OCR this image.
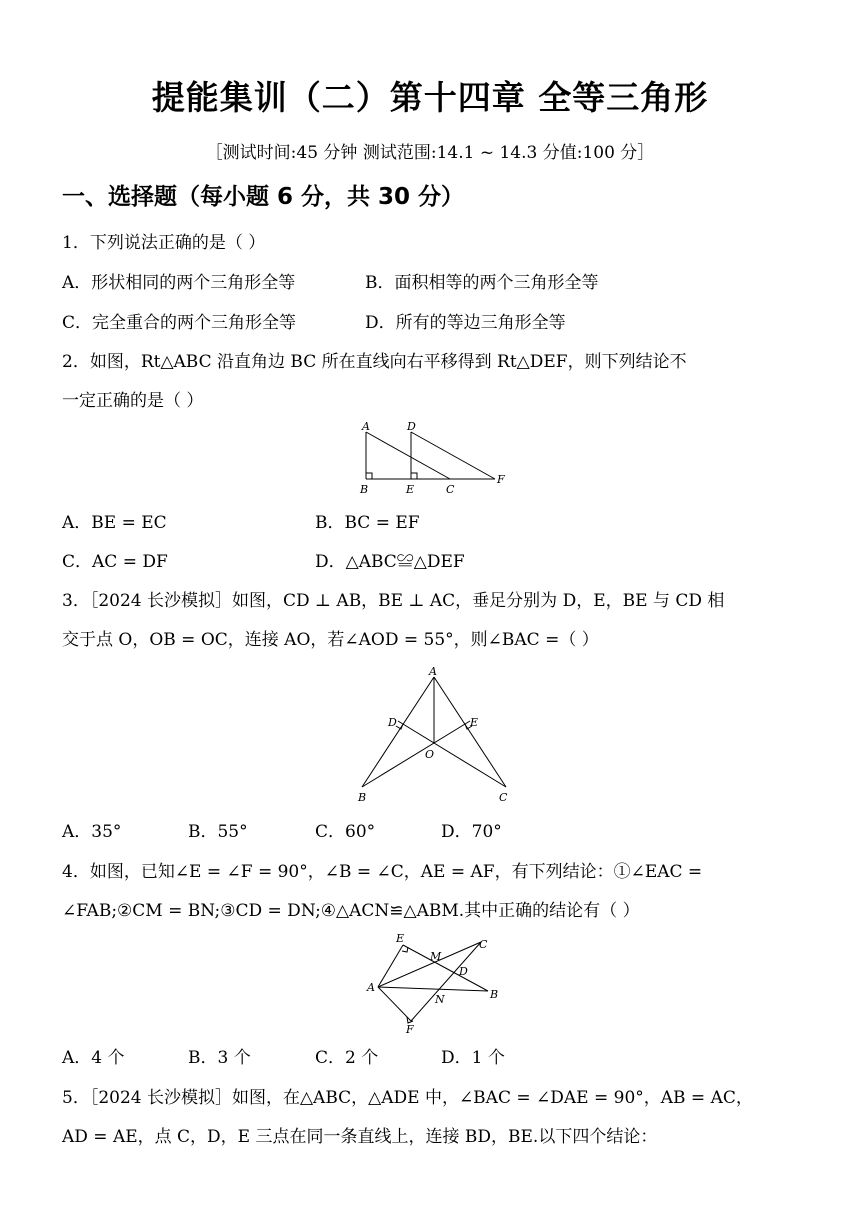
提能集训（二）第十四章 全等三角形
［测试时间:45 分钟 测试范围:14.1 ~ 14.3 分值:100 分］
一、选择题（每小题 6 分，共 30 分）
1．下列说法正确的是（ ）
A．形状相同的两个三角形全等	B．面积相等的两个三角形全等
C．完全重合的两个三角形全等	D．所有的等边三角形全等
2．如图，Rt△ABC 沿直角边 BC 所在直线向右平移得到 Rt△DEF，则下列结论不
一定正确的是（ ）
A	D
B	E	C
F
A．BE = EC	B．BC = EF
C．AC = DF	D．△ABC≌△DEF
3．［2024 长沙模拟］如图，CD ⊥ AB，BE ⊥ AC，垂足分别为 D，E，BE 与 CD 相
交于点 O，OB = OC，连接 AO，若∠AOD = 55°，则∠BAC =（ ）
A
D	E
O
B	C
A．35°	B．55°	C．60°	D．70°
4．如图，已知∠E = ∠F = 90°，∠B = ∠C，AE = AF，有下列结论：①∠EAC =
∠FAB;②CM = BN;③CD = DN;④△ACN≌△ABM.其中正确的结论有（ ）
E	C
M
D
A
N	B
F
A．4 个	B．3 个	C．2 个	D．1 个
5．［2024 长沙模拟］如图，在△ABC，△ADE 中，∠BAC = ∠DAE = 90°，AB = AC，
AD = AE，点 C，D，E 三点在同一条直线上，连接 BD，BE.以下四个结论：
